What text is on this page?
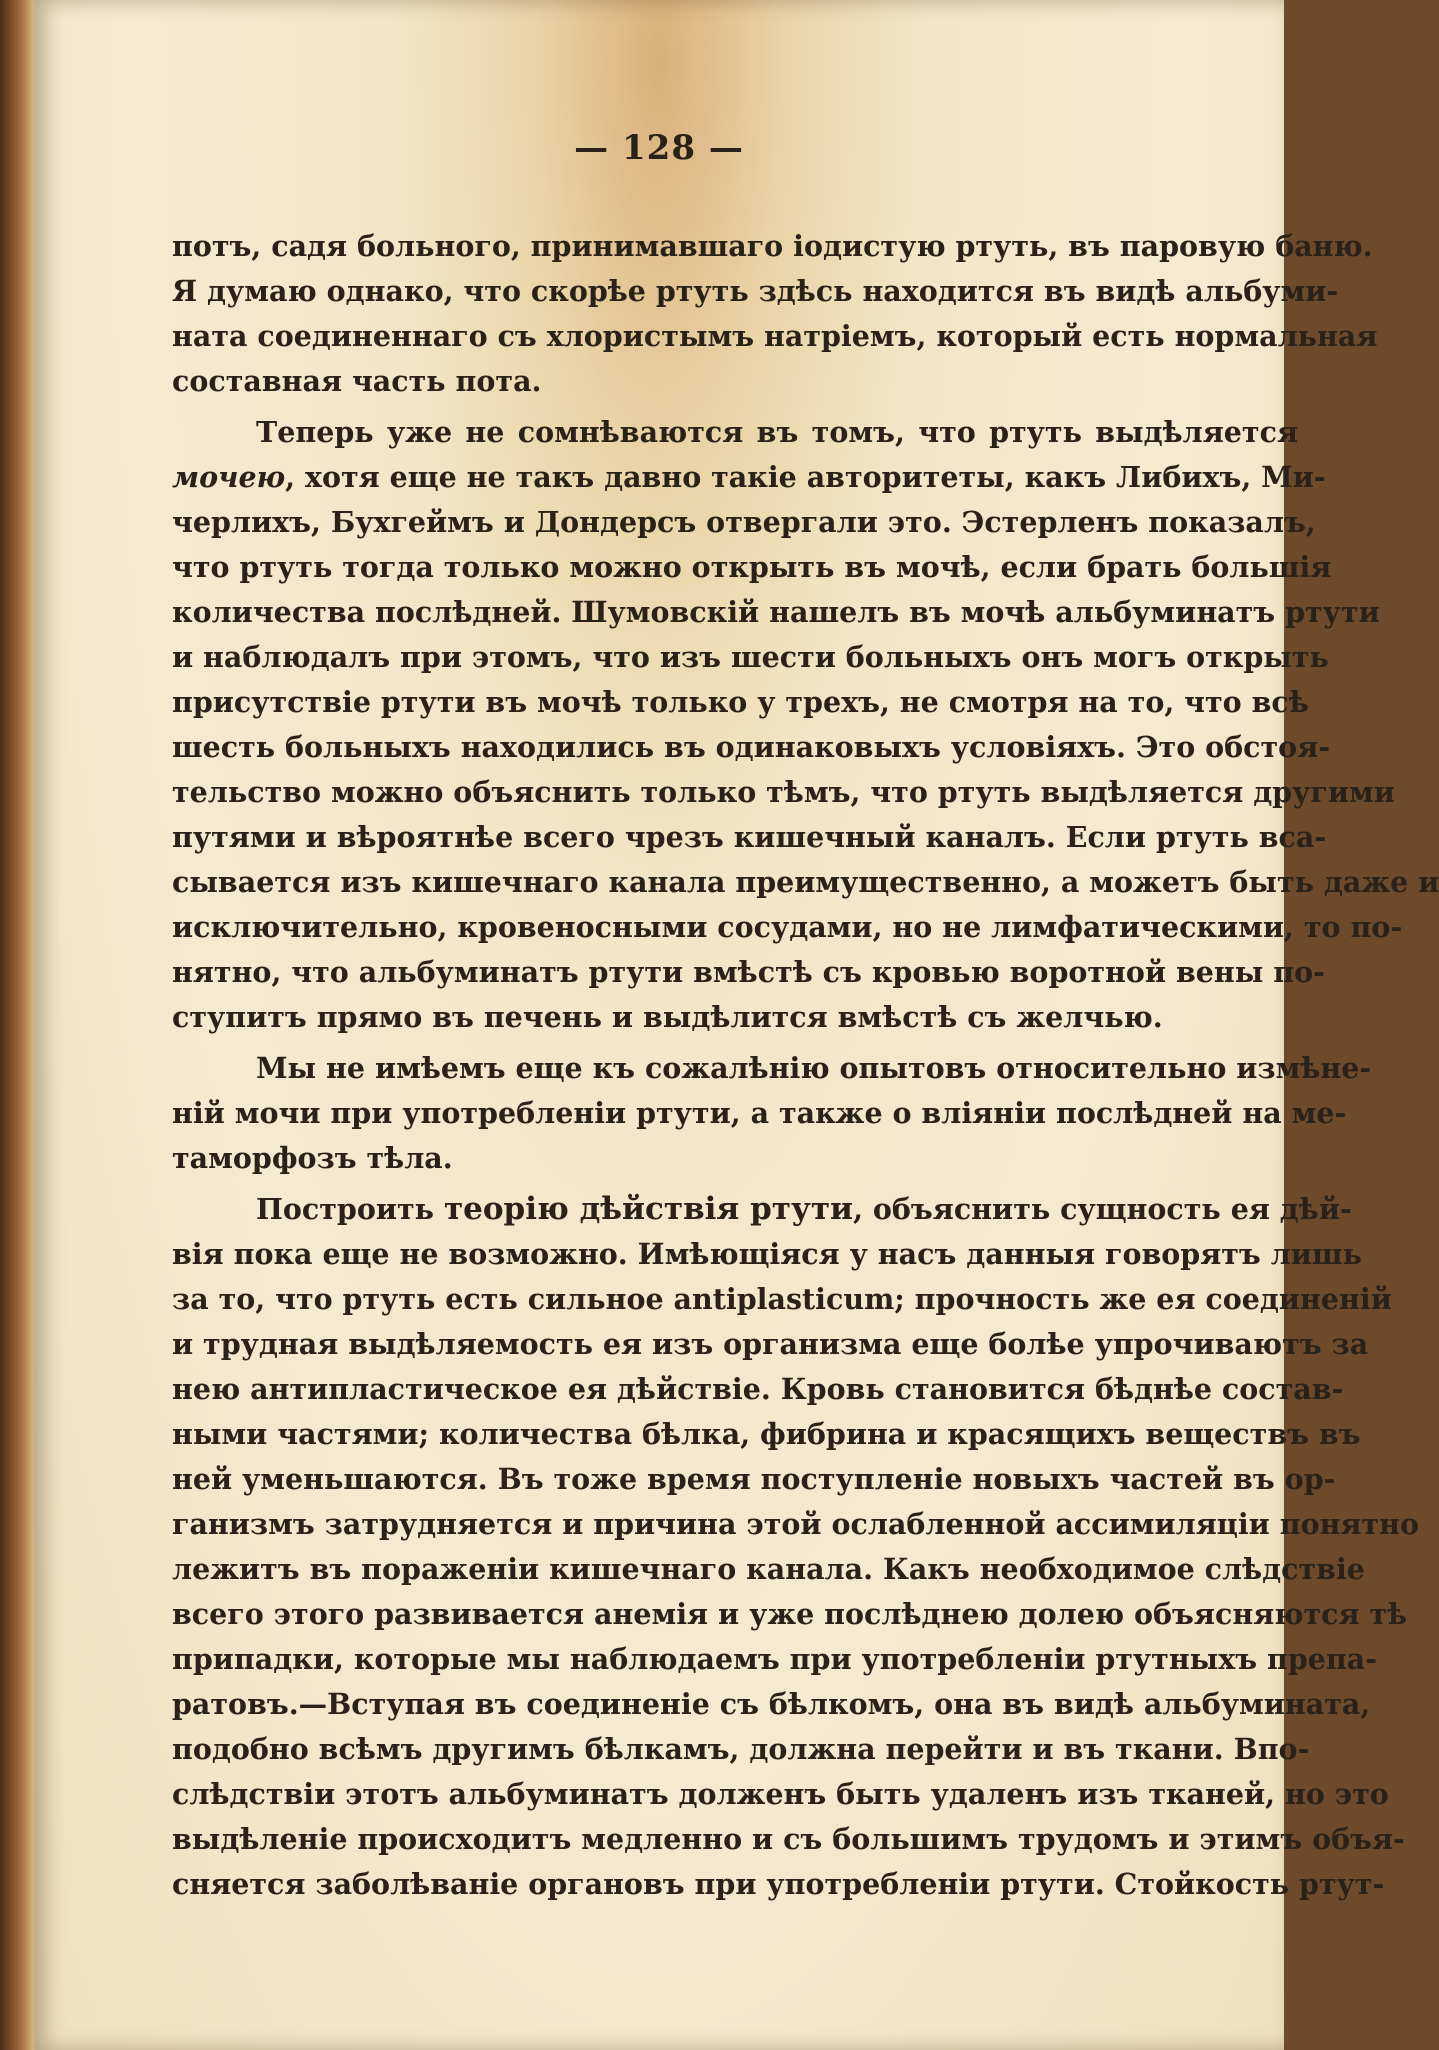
— 128 —
потъ, садя больного, принимавшаго іодистую ртуть, въ паровую баню.
Я думаю однако, что скорѣе ртуть здѣсь находится въ видѣ альбуми-
ната соединеннаго съ хлористымъ натріемъ, который есть нормальная
составная часть пота.
Теперь уже не сомнѣваются въ томъ, что ртуть выдѣляется
мочею, хотя еще не такъ давно такіе авторитеты, какъ Либихъ, Ми-
черлихъ, Бухгеймъ и Дондерсъ отвергали это. Эстерленъ показалъ,
что ртуть тогда только можно открыть въ мочѣ, если брать большія
количества послѣдней. Шумовскій нашелъ въ мочѣ альбуминатъ ртути
и наблюдалъ при этомъ, что изъ шести больныхъ онъ могъ открыть
присутствіе ртути въ мочѣ только у трехъ, не смотря на то, что всѣ
шесть больныхъ находились въ одинаковыхъ условіяхъ. Это обстоя-
тельство можно объяснить только тѣмъ, что ртуть выдѣляется другими
путями и вѣроятнѣе всего чрезъ кишечный каналъ. Если ртуть вса-
сывается изъ кишечнаго канала преимущественно, а можетъ быть даже и
исключительно, кровеносными сосудами, но не лимфатическими, то по-
нятно, что альбуминатъ ртути вмѣстѣ съ кровью воротной вены по-
ступитъ прямо въ печень и выдѣлится вмѣстѣ съ желчью.
Мы не имѣемъ еще къ сожалѣнію опытовъ относительно измѣне-
ній мочи при употребленіи ртути, а также о вліяніи послѣдней на ме-
таморфозъ тѣла.
Построить теорію дѣйствія ртути, объяснить сущность ея дѣй-
вія пока еще не возможно. Имѣющіяся у насъ данныя говорятъ лишь
за то, что ртуть есть сильное antiplasticum; прочность же ея соединеній
и трудная выдѣляемость ея изъ организма еще болѣе упрочиваютъ за
нею антипластическое ея дѣйствіе. Кровь становится бѣднѣе состав-
ными частями; количества бѣлка, фибрина и красящихъ веществъ въ
ней уменьшаются. Въ тоже время поступленіе новыхъ частей въ ор-
ганизмъ затрудняется и причина этой ослабленной ассимиляціи понятно
лежитъ въ пораженіи кишечнаго канала. Какъ необходимое слѣдствіе
всего этого развивается анемія и уже послѣднею долею объясняются тѣ
припадки, которые мы наблюдаемъ при употребленіи ртутныхъ препа-
ратовъ.—Вступая въ соединеніе съ бѣлкомъ, она въ видѣ альбумината,
подобно всѣмъ другимъ бѣлкамъ, должна перейти и въ ткани. Впо-
слѣдствіи этотъ альбуминатъ долженъ быть удаленъ изъ тканей, но это
выдѣленіе происходитъ медленно и съ большимъ трудомъ и этимъ объя-
сняется заболѣваніе органовъ при употребленіи ртути. Стойкость ртут-
